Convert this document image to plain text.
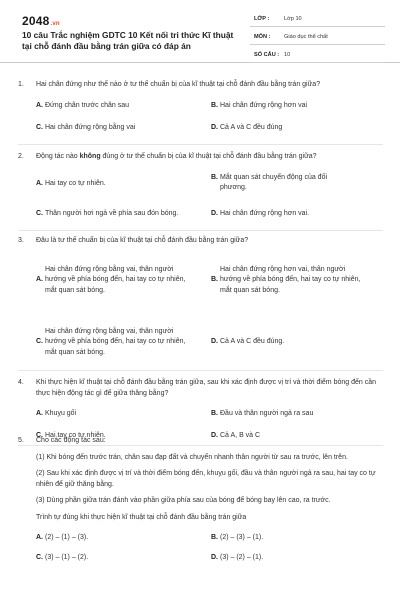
2048.vn
10 câu Trắc nghiệm GDTC 10 Kết nối tri thức Kĩ thuật tại chỗ đánh đầu bằng trán giữa có đáp án
LỚP :	Lớp 10
MÔN : Giáo dục thể chất
SỐ CÂU : 10
1. Hai chân đứng như thế nào ở tư thế chuẩn bị của kĩ thuật tại chỗ đánh đầu bằng trán giữa?
A. Đứng chân trước chân sau	B. Hai chân đứng rộng hơn vai
C. Hai chân đứng rộng bằng vai	D. Cả A và C đều đúng
2. Động tác nào không đúng ở tư thế chuẩn bị của kĩ thuật tại chỗ đánh đầu bằng trán giữa?
A. Hai tay co tự nhiên.
B. Mắt quan sát chuyển động của đối phương.
C. Thân người hơi ngả về phía sau đón bóng.	D. Hai chân đứng rộng hơn vai.
3. Đâu là tư thế chuẩn bị của kĩ thuật tại chỗ đánh đầu bằng trán giữa?
A.
Hai chân đứng rộng bằng vai, thân người hướng về phía bóng đến, hai tay co tự nhiên, mắt quan sát bóng.
B.
Hai chân đứng rộng hơn vai, thân người hướng về phía bóng đến, hai tay co tự nhiên, mắt quan sát bóng.
C.
Hai chân đứng rộng bằng vai, thân người hướng về phía bóng đến, hai tay co tự nhiên, mắt quan sát bóng.
D. Cả A và C đều đúng.
4. Khi thực hiện kĩ thuật tại chỗ đánh đầu bằng trán giữa, sau khi xác định được vị trí và thời điểm bóng đến cần thực hiện động tác gì để giữa thăng bằng?
A. Khuỵu gối	B. Đầu và thân người ngả ra sau
C. Hai tay co tự nhiên.	D. Cả A, B và C
5. Cho các động tác sau:
(1) Khi bóng đến trước trán, chân sau đạp đất và chuyển nhanh thân người từ sau ra trước, lên trên.
(2) Sau khi xác định được vị trí và thời điểm bóng đến, khuỵu gối, đầu và thân người ngả ra sau, hai tay co tự nhiên để giữ thăng bằng.
(3) Dùng phần giữa trán đánh vào phần giữa phía sau của bóng để bóng bay lên cao, ra trước.
Trình tự đúng khi thực hiện kĩ thuật tại chỗ đánh đầu bằng trán giữa
A. (2) – (1) – (3).	B. (2) – (3) – (1).
C. (3) – (1) – (2).	D. (3) – (2) – (1).
